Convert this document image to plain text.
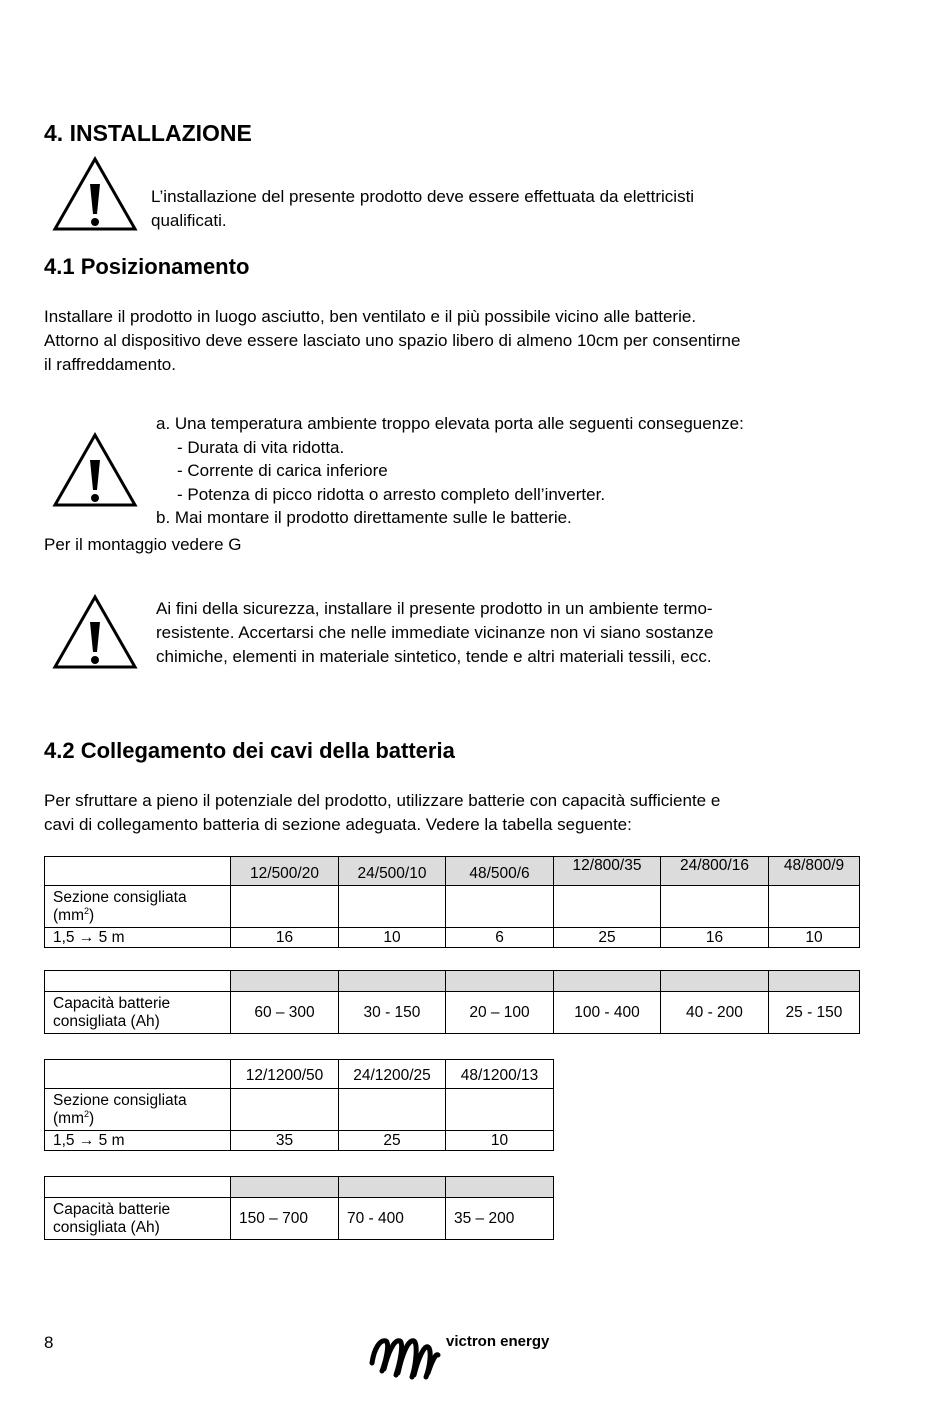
4. INSTALLAZIONE

L’installazione del presente prodotto deve essere effettuata da elettricisti

qualificati.

4.1 Posizionamento

Installare il prodotto in luogo asciutto, ben ventilato e il più possibile vicino alle batterie.

Attorno al dispositivo deve essere lasciato uno spazio libero di almeno 10cm per consentirne

il raffreddamento.

a. Una temperatura ambiente troppo elevata porta alle seguenti conseguenze:
- Durata di vita ridotta.
- Corrente di carica inferiore
- Potenza di picco ridotta o arresto completo dell’inverter.
b. Mai montare il prodotto direttamente sulle le batterie.

Per il montaggio vedere G

Ai fini della sicurezza, installare il presente prodotto in un ambiente termo-

resistente. Accertarsi che nelle immediate vicinanze non vi siano sostanze

chimiche, elementi in materiale sintetico, tende e altri materiali tessili, ecc.

4.2 Collegamento dei cavi della batteria

Per sfruttare a pieno il potenziale del prodotto, utilizzare batterie con capacità sufficiente e

cavi di collegamento batteria di sezione adeguata. Vedere la tabella seguente:

	12/500/20	24/500/10	48/500/6	12/800/35	24/800/16	48/800/9
Sezione consigliata
$(mm^2)$						
1,5 → 5 m	16	10	6	25	16	10

Capacità batterie
consigliata (Ah)	60 – 300	30 - 150	20 – 100	100 - 400	40 - 200	25 - 150
	12/1200/50	24/1200/25	48/1200/13
Sezione consigliata
$(mm^2)$			
1,5 → 5 m	35	25	10

Capacità batterie
consigliata (Ah)	150 – 700	70 - 400	35 – 200
8	victron energy
